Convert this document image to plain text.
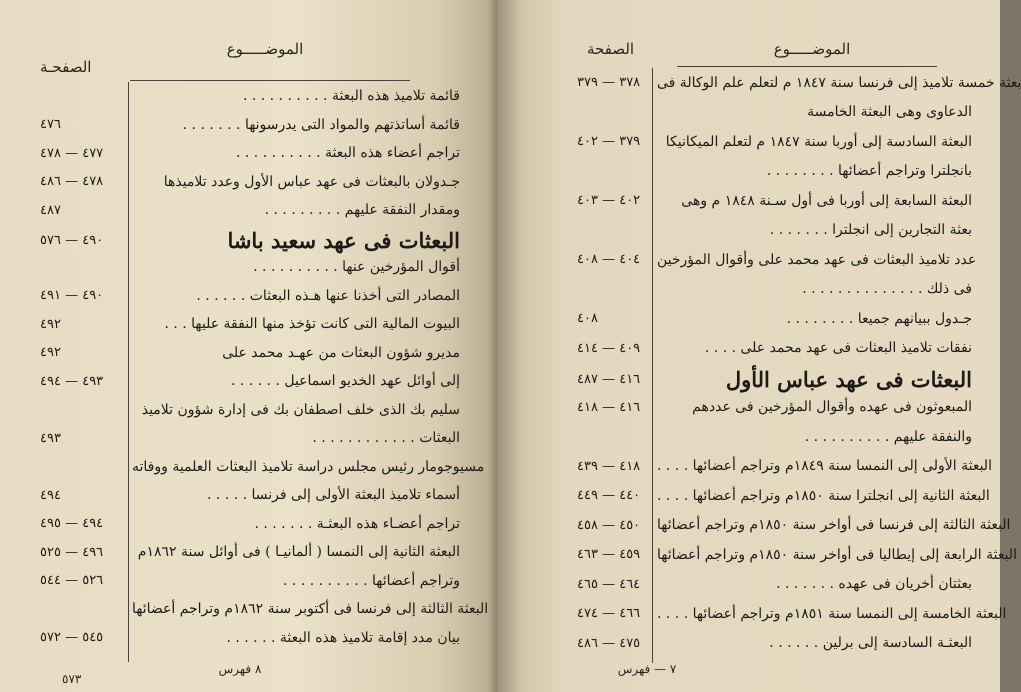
الموضـــــوع
الصفحـة
قائمة تلاميذ هذه البعثة . . . . . . . . . .
٤٧٦	قائمة أساتذتهم والمواد التى يدرسونها . . . . . . .
٤٧٧ — ٤٧٨	تراجم أعضاء هذه البعثة . . . . . . . . . .
٤٧٨ — ٤٨٦	جـدولان بالبعثات فى عهد عباس الأول وعدد تلاميذها
٤٨٧	ومقدار النفقة عليهم . . . . . . . . .
٤٩٠ — ٥٧٦	البعثات فى عهد سعيد باشا
أقوال المؤرخين عنها . . . . . . . . . .
٤٩٠ — ٤٩١	المصادر التى أخذنا عنها هـذه البعثات . . . . . .
٤٩٢	البيوت المالية التى كانت تؤخذ منها النفقة عليها . . .
٤٩٢	مديرو شؤون البعثات من عهـد محمد على
٤٩٣ — ٤٩٤	إلى أوائل عهد الخديو اسماعيل . . . . . .
سليم بك الذى خلف اصطفان بك فى إدارة شؤون تلاميذ
٤٩٣	البعثات . . . . . . . . . . . .
مسيوجومار رئيس مجلس دراسة تلاميذ البعثات العلمية ووفاته
٤٩٤	أسماء تلاميذ البعثة الأولى إلى فرنسا . . . . .
٤٩٤ — ٤٩٥	تراجم أعضـاء هذه البعثـة . . . . . . .
٤٩٦ — ٥٢٥	البعثة الثانية إلى النمسا ( ألمانيـا ) فى أوائل سنة ١٨٦٢م
٥٢٦ — ٥٤٤	وتراجم أعضائها . . . . . . . . . .
البعثة الثالثة إلى فرنسا فى أكتوبر سنة ١٨٦٢م وتراجم أعضائها
٥٤٥ — ٥٧٢	بيان مدد إقامة تلاميذ هذه البعثة . . . . . .
٨ فهرس
٥٧٣
الموضـــــوع
الصفحة
٣٧٨ — ٣٧٩	بعثة خمسة تلاميذ إلى فرنسا سنة ١٨٤٧ م لتعلم علم الوكالة فى
الدعاوى وهى البعثة الخامسة
٣٧٩ — ٤٠٢	البعثة السادسة إلى أوربا سنة ١٨٤٧ م لتعلم الميكانيكا
بانجلترا وتراجم أعضائها . . . . . . . .
٤٠٢ — ٤٠٣	البعثة السابعة إلى أوربا فى أول سـنة ١٨٤٨ م وهى
بعثة التجارين إلى انجلترا . . . . . . .
٤٠٤ — ٤٠٨	عدد تلاميذ البعثات فى عهد محمد على وأقوال المؤرخين
فى ذلك . . . . . . . . . . . . . .
٤٠٨	جـدول ببيانهم جميعا . . . . . . . .
٤٠٩ — ٤١٤	نفقات تلاميذ البعثات فى عهد محمد على . . . .
٤١٦ — ٤٨٧	البعثات فى عهد عباس الأول
٤١٦ — ٤١٨	المبعوثون فى عهده وأقوال المؤرخين فى عددهم
والنفقة عليهم . . . . . . . . . .
٤١٨ — ٤٣٩	البعثة الأولى إلى النمسا سنة ١٨٤٩م وتراجم أعضائها . . . .
٤٤٠ — ٤٤٩	البعثة الثانية إلى انجلترا سنة ١٨٥٠م وتراجم أعضائها . . . .
٤٥٠ — ٤٥٨	البعثة الثالثة إلى فرنسا فى أواخر سنة ١٨٥٠م وتراجم أعضائها
٤٥٩ — ٤٦٣	البعثة الرابعة إلى إيطاليا فى أواخر سنة ١٨٥٠م وتراجم أعضائها
٤٦٤ — ٤٦٥	بعثتان أخريان فى عهده . . . . . . .
٤٦٦ — ٤٧٤	البعثة الخامسة إلى النمسا سنة ١٨٥١م وتراجم أعضائها . . . .
٤٧٥ — ٤٨٦	البعثـة السادسة إلى برلين . . . . . .
٧ — فهرس
